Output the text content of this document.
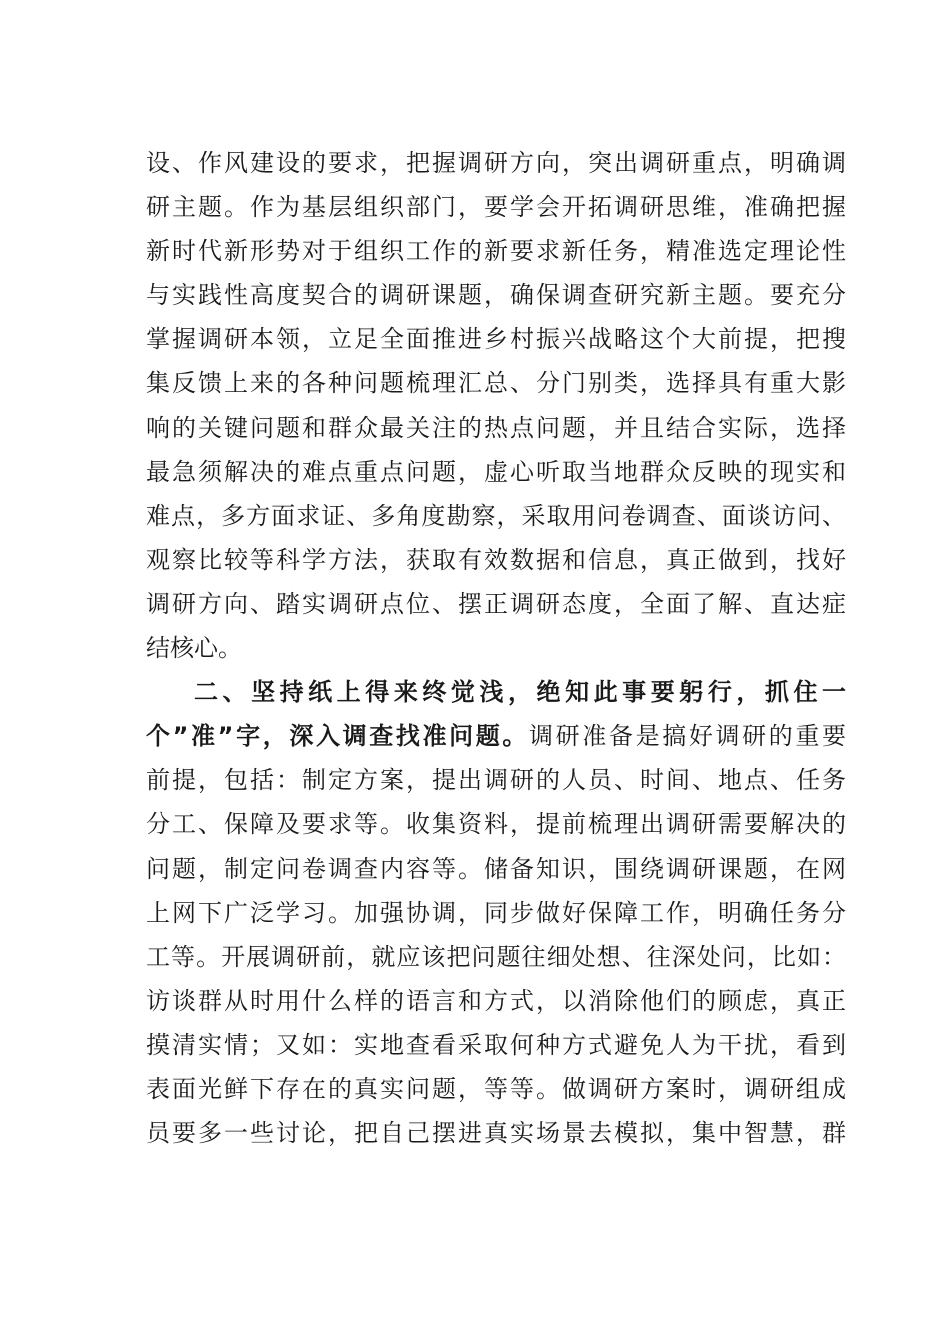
设、作风建设的要求，把握调研方向，突出调研重点，明确调
研主题。作为基层组织部门，要学会开拓调研思维，准确把握
新时代新形势对于组织工作的新要求新任务，精准选定理论性
与实践性高度契合的调研课题，确保调查研究新主题。要充分
掌握调研本领，立足全面推进乡村振兴战略这个大前提，把搜
集反馈上来的各种问题梳理汇总、分门别类，选择具有重大影
响的关键问题和群众最关注的热点问题，并且结合实际，选择
最急须解决的难点重点问题，虚心听取当地群众反映的现实和
难点，多方面求证、多角度勘察，采取用问卷调查、面谈访问、
观察比较等科学方法，获取有效数据和信息，真正做到，找好
调研方向、踏实调研点位、摆正调研态度，全面了解、直达症
结核心。
二、坚持纸上得来终觉浅，绝知此事要躬行，抓住一
个”准”字，深入调查找准问题。调研准备是搞好调研的重要
前提，包括：制定方案，提出调研的人员、时间、地点、任务
分工、保障及要求等。收集资料，提前梳理出调研需要解决的
问题，制定问卷调查内容等。储备知识，围绕调研课题，在网
上网下广泛学习。加强协调，同步做好保障工作，明确任务分
工等。开展调研前，就应该把问题往细处想、往深处问，比如：
访谈群从时用什么样的语言和方式，以消除他们的顾虑，真正
摸清实情；又如：实地查看采取何种方式避免人为干扰，看到
表面光鲜下存在的真实问题，等等。做调研方案时，调研组成
员要多一些讨论，把自己摆进真实场景去模拟，集中智慧，群
